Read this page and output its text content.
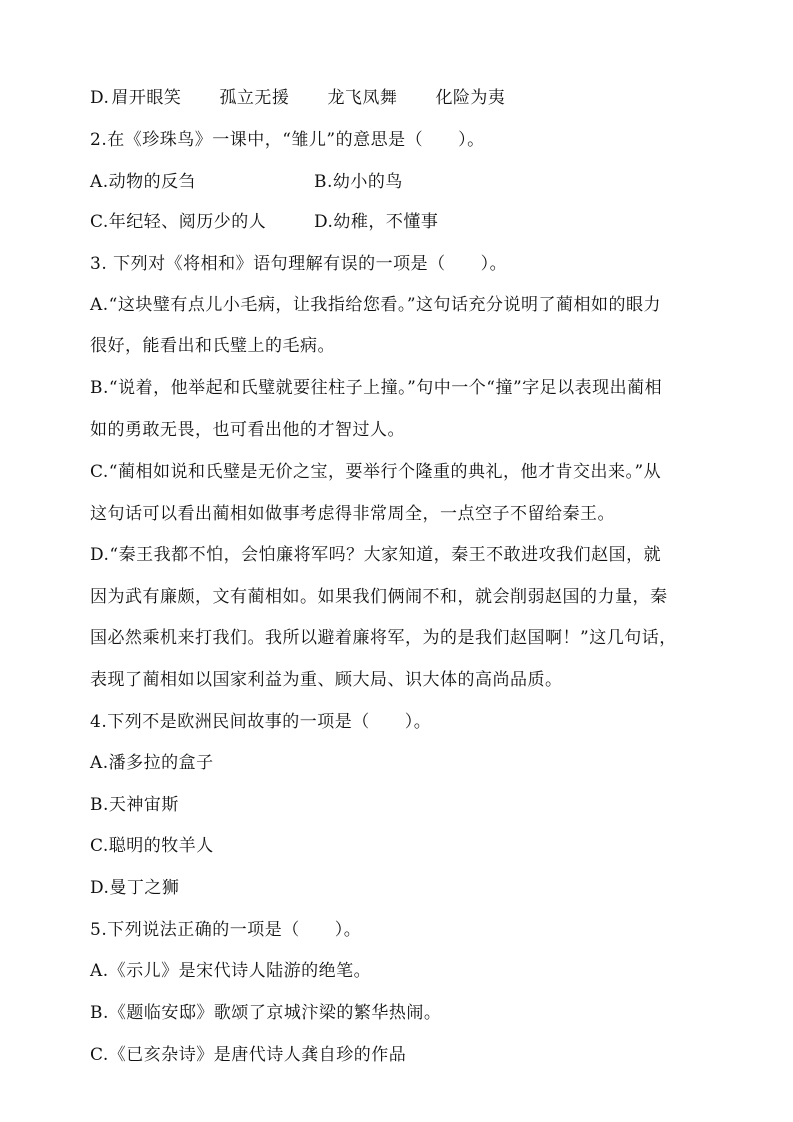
D. 眉开眼笑 孤立无援 龙飞凤舞 化险为夷
2.在《珍珠鸟》一课中，“雏儿”的意思是（　　）。
A.动物的反刍	B.幼小的鸟
C.年纪轻、阅历少的人	D.幼稚，不懂事
3. 下列对《将相和》语句理解有误的一项是（　　）。
A.“这块璧有点儿小毛病，让我指给您看。”这句话充分说明了蔺相如的眼力
很好，能看出和氏璧上的毛病。
B.“说着，他举起和氏璧就要往柱子上撞。”句中一个“撞”字足以表现出蔺相
如的勇敢无畏，也可看出他的才智过人。
C.“蔺相如说和氏璧是无价之宝，要举行个隆重的典礼，他才肯交出来。”从
这句话可以看出蔺相如做事考虑得非常周全，一点空子不留给秦王。
D.“秦王我都不怕，会怕廉将军吗？大家知道，秦王不敢进攻我们赵国，就
因为武有廉颇，文有蔺相如。如果我们俩闹不和，就会削弱赵国的力量，秦
国必然乘机来打我们。我所以避着廉将军，为的是我们赵国啊！”这几句话，
表现了蔺相如以国家利益为重、顾大局、识大体的高尚品质。
4.下列不是欧洲民间故事的一项是（　　）。
A.潘多拉的盒子
B.天神宙斯
C.聪明的牧羊人
D.曼丁之狮
5.下列说法正确的一项是（　　）。
A.《示儿》是宋代诗人陆游的绝笔。
B.《题临安邸》歌颂了京城汴梁的繁华热闹。
C.《已亥杂诗》是唐代诗人龚自珍的作品
